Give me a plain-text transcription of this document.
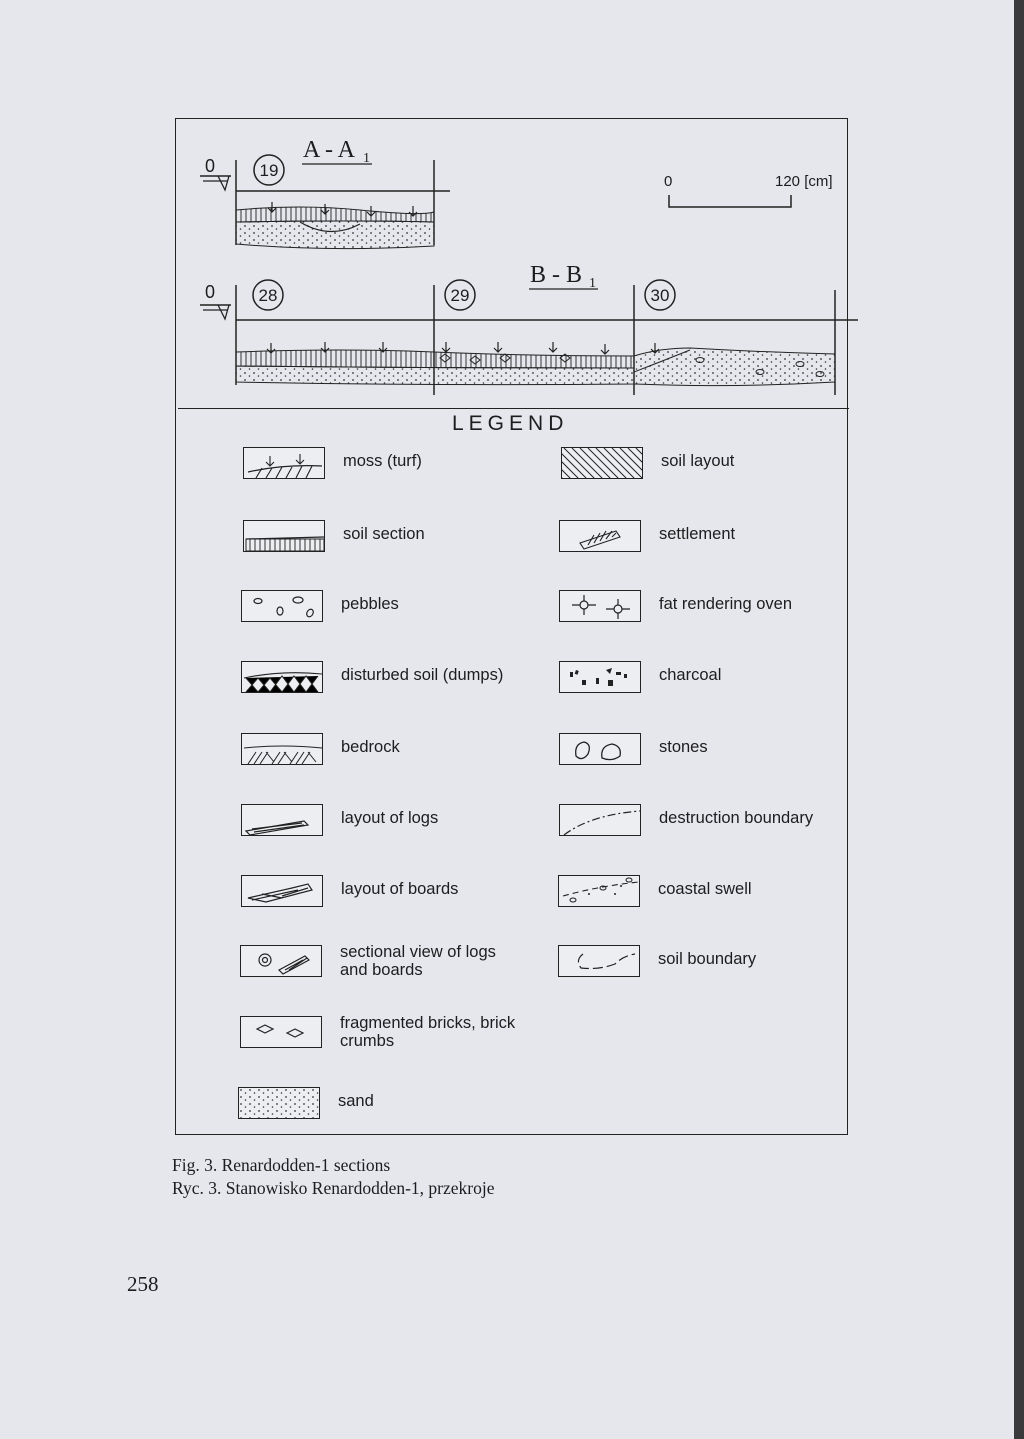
0	19
A - A 1
0	120 [cm]
0	28	29	30
B - B 1
LEGEND
moss (turf)
soil section
pebbles
disturbed soil (dumps)
bedrock
layout of logs
layout of boards
sectional view of logs and boards
fragmented bricks, brick crumbs
sand
soil layout
settlement
fat rendering oven
charcoal
stones
destruction boundary
coastal swell
soil boundary
Fig. 3. Renardodden-1 sections
Ryc. 3. Stanowisko Renardodden-1, przekroje
258
